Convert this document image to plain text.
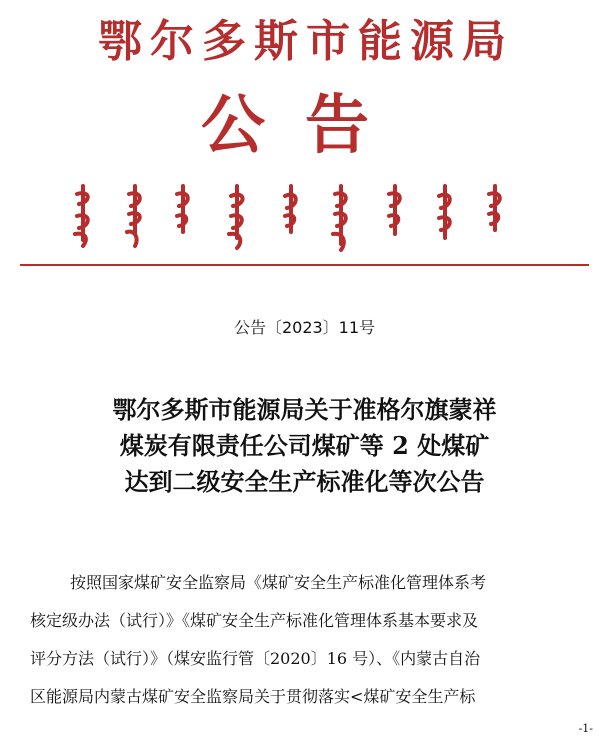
鄂尔多斯市能源局
公告
公告〔2023〕11号
鄂尔多斯市能源局关于准格尔旗蒙祥
煤炭有限责任公司煤矿等 2 处煤矿
达到二级安全生产标准化等次公告
按照国家煤矿安全监察局《煤矿安全生产标准化管理体系考
核定级办法（试行）》《煤矿安全生产标准化管理体系基本要求及
评分方法（试行）》（煤安监行管〔2020〕16 号）、《内蒙古自治
区能源局内蒙古煤矿安全监察局关于贯彻落实<煤矿安全生产标
-1-
